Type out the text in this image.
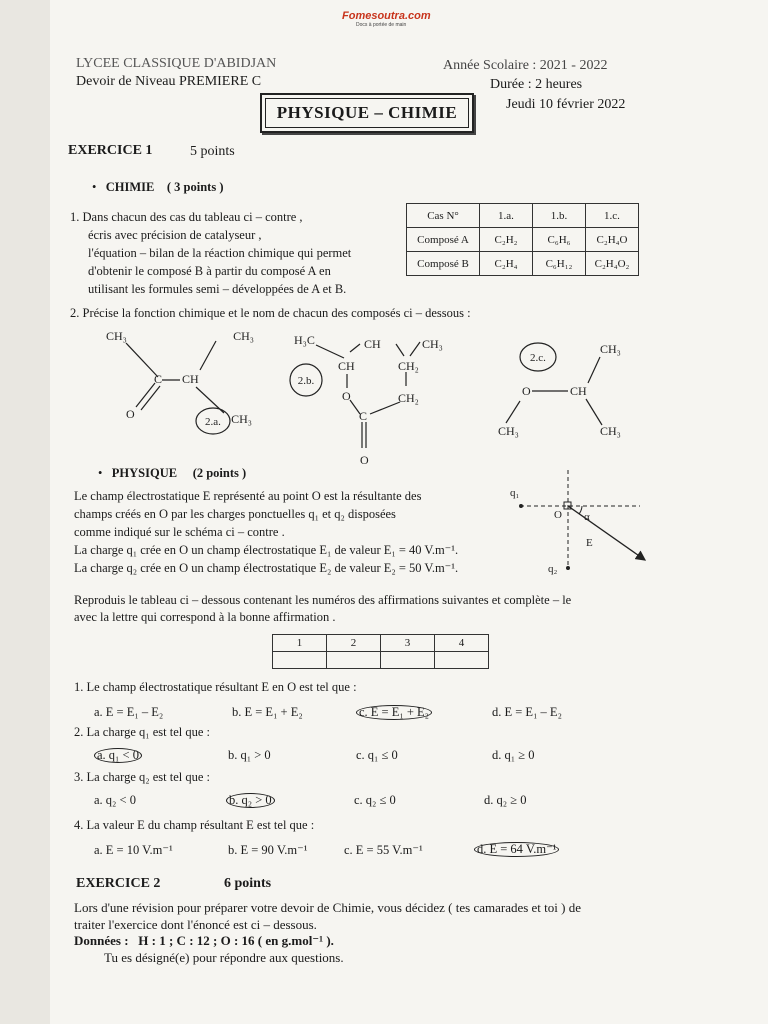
Fomesoutra.com
Docs à portée de main
LYCEE CLASSIQUE D'ABIDJAN
Devoir de Niveau PREMIERE C
Année Scolaire : 2021 - 2022
Durée : 2 heures
Jeudi 10 février 2022
PHYSIQUE – CHIMIE
EXERCICE 1	5 points
• CHIMIE ( 3 points )
1. Dans chacun des cas du tableau ci – contre ,
écris avec précision de catalyseur ,
l'équation – bilan de la réaction chimique qui permet
d'obtenir le composé B à partir du composé A en
utilisant les formules semi – développées de A et B.
Cas N°	1.a.	1.b.	1.c.
Composé A	C₂H₂	C₆H₆	C₂H₄O
Composé B	C₂H₄	C₆H₁₂	C₂H₄O₂
2. Précise la fonction chimique et le nom de chacun des composés ci – dessous :
CH₃	CH₃
C CH
O	CH₃
2.a.
H₃C	CH	CH₃
CH	CH₂
O	CH₂
C
O
2.b.
O	CH
CH₃
CH₃	CH₃
2.c.
• PHYSIQUE (2 points )
Le champ électrostatique E représenté au point O est la résultante des
champs créés en O par les charges ponctuelles q₁ et q₂ disposées
comme indiqué sur le schéma ci – contre .
La charge q₁ crée en O un champ électrostatique E₁ de valeur E₁ = 40 V.m⁻¹.
La charge q₂ crée en O un champ électrostatique E₂ de valeur E₂ = 50 V.m⁻¹.
q₁
O α
E
q₂
Reproduis le tableau ci – dessous contenant les numéros des affirmations suivantes et complète – le
avec la lettre qui correspond à la bonne affirmation .
1	2	3	4

1. Le champ électrostatique résultant E en O est tel que :
a. E = E₁ – E₂	b. E = E₁ + E₂	c. E = E₁ + E₂	d. E = E₁ – E₂
2. La charge q₁ est tel que :
a. q₁ < 0	b. q₁ > 0	c. q₁ ≤ 0	d. q₁ ≥ 0
3. La charge q₂ est tel que :
a. q₂ < 0	b. q₂ > 0	c. q₂ ≤ 0	d. q₂ ≥ 0
4. La valeur E du champ résultant E est tel que :
a. E = 10 V.m⁻¹	b. E = 90 V.m⁻¹	c. E = 55 V.m⁻¹	d. E = 64 V.m⁻¹
EXERCICE 2	6 points
Lors d'une révision pour préparer votre devoir de Chimie, vous décidez ( tes camarades et toi ) de
traiter l'exercice dont l'énoncé est ci – dessous.
Données : H : 1 ; C : 12 ; O : 16 ( en g.mol⁻¹ ).
Tu es désigné(e) pour répondre aux questions.
